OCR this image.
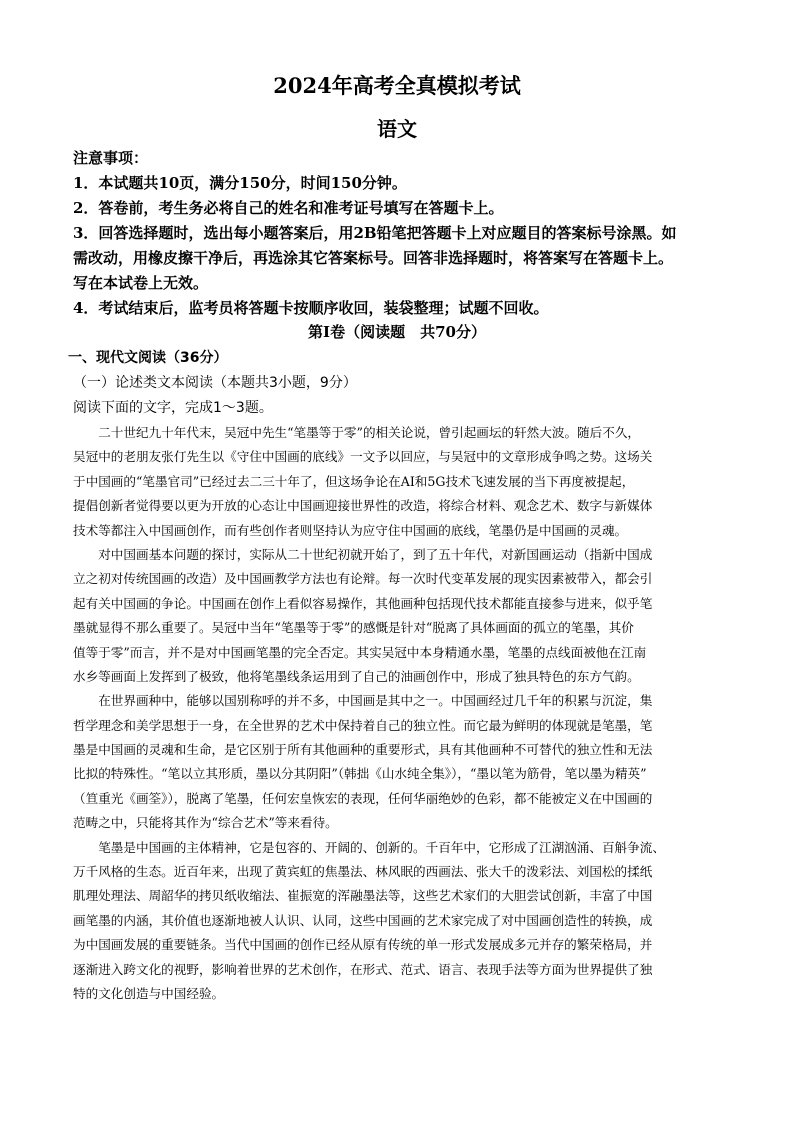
2024年高考全真模拟考试
语文
注意事项：
1．本试题共10页，满分150分，时间150分钟。
2．答卷前，考生务必将自己的姓名和准考证号填写在答题卡上。
3．回答选择题时，选出每小题答案后，用2B铅笔把答题卡上对应题目的答案标号涂黑。如
需改动，用橡皮擦干净后，再选涂其它答案标号。回答非选择题时，将答案写在答题卡上。
写在本试卷上无效。
4．考试结束后，监考员将答题卡按顺序收回，装袋整理；试题不回收。
第Ⅰ卷（阅读题　共70分）
一、现代文阅读（36分）
（一）论述类文本阅读（本题共3小题，9分）
阅读下面的文字，完成1～3题。
　　二十世纪九十年代末，吴冠中先生“笔墨等于零”的相关论说，曾引起画坛的轩然大波。随后不久，
吴冠中的老朋友张仃先生以《守住中国画的底线》一文予以回应，与吴冠中的文章形成争鸣之势。这场关
于中国画的“笔墨官司”已经过去二三十年了，但这场争论在AI和5G技术飞速发展的当下再度被提起，
提倡创新者觉得要以更为开放的心态让中国画迎接世界性的改造，将综合材料、观念艺术、数字与新媒体
技术等都注入中国画创作，而有些创作者则坚持认为应守住中国画的底线，笔墨仍是中国画的灵魂。
　　对中国画基本问题的探讨，实际从二十世纪初就开始了，到了五十年代，对新国画运动（指新中国成
立之初对传统国画的改造）及中国画教学方法也有论辩。每一次时代变革发展的现实因素被带入，都会引
起有关中国画的争论。中国画在创作上看似容易操作，其他画种包括现代技术都能直接参与进来，似乎笔
墨就显得不那么重要了。吴冠中当年“笔墨等于零”的感慨是针对“脱离了具体画面的孤立的笔墨，其价
值等于零”而言，并不是对中国画笔墨的完全否定。其实吴冠中本身精通水墨，笔墨的点线面被他在江南
水乡等画面上发挥到了极致，他将笔墨线条运用到了自己的油画创作中，形成了独具特色的东方气韵。
　　在世界画种中，能够以国别称呼的并不多，中国画是其中之一。中国画经过几千年的积累与沉淀，集
哲学理念和美学思想于一身，在全世界的艺术中保持着自己的独立性。而它最为鲜明的体现就是笔墨，笔
墨是中国画的灵魂和生命，是它区别于所有其他画种的重要形式，具有其他画种不可替代的独立性和无法
比拟的特殊性。“笔以立其形质，墨以分其阴阳”（韩拙《山水纯全集》），“墨以笔为筋骨，笔以墨为精英”
（笪重光《画筌》），脱离了笔墨，任何宏皇恢宏的表现，任何华丽绝妙的色彩，都不能被定义在中国画的
范畴之中，只能将其作为“综合艺术”等来看待。
　　笔墨是中国画的主体精神，它是包容的、开阔的、创新的。千百年中，它形成了江湖汹涌、百斛争流、
万千风格的生态。近百年来，出现了黄宾虹的焦墨法、林风眠的西画法、张大千的泼彩法、刘国松的揉纸
肌理处理法、周韶华的拷贝纸收缩法、崔振宽的浑融墨法等，这些艺术家们的大胆尝试创新，丰富了中国
画笔墨的内涵，其价值也逐渐地被人认识、认同，这些中国画的艺术家完成了对中国画创造性的转换，成
为中国画发展的重要链条。当代中国画的创作已经从原有传统的单一形式发展成多元并存的繁荣格局，并
逐渐进入跨文化的视野，影响着世界的艺术创作，在形式、范式、语言、表现手法等方面为世界提供了独
特的文化创造与中国经验。
